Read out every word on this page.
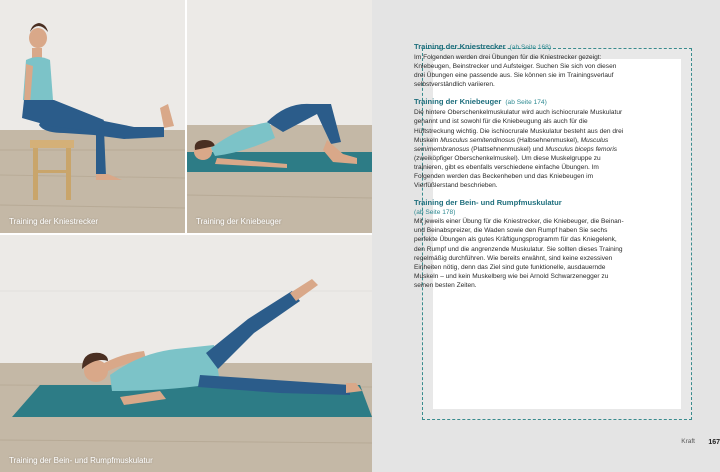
Training der Kniestrecker	Training der Kniebeuger
Training der Bein- und Rumpfmuskulatur
Training der Kniestrecker (ab Seite 168)

Im Folgenden werden drei Übungen für die Kniestrecker gezeigt: Kniebeugen, Beinstrecker und Aufsteiger. Suchen Sie sich von diesen drei Übungen eine passende aus. Sie können sie im Trainingsverlauf selbstverständlich variieren.

Training der Kniebeuger (ab Seite 174)

Die hintere Oberschenkelmuskulatur wird auch ischiocrurale Muskulatur genannt und ist sowohl für die Kniebeugung als auch für die Hüftstreckung wichtig. Die ischiocrurale Muskulatur besteht aus den drei Muskeln Musculus semitendinosus (Halbsehnenmuskel), Musculus semimembranosus (Plattsehnenmuskel) und Musculus biceps femoris (zweiköpfiger Oberschenkelmuskel). Um diese Muskelgruppe zu trainieren, gibt es ebenfalls verschiedene einfache Übungen. Im Folgenden werden das Beckenheben und das Kniebeugen im Vierfüßlerstand beschrieben.

Training der Bein- und Rumpfmuskulatur
(ab Seite 178)

Mit jeweils einer Übung für die Kniestrecker, die Kniebeuger, die Beinan- und Beinabspreizer, die Waden sowie den Rumpf haben Sie sechs perfekte Übungen als gutes Kräftigungsprogramm für das Kniegelenk, den Rumpf und die angrenzende Muskulatur. Sie sollten dieses Training regelmäßig durchführen. Wie bereits erwähnt, sind keine exzessiven Einheiten nötig, denn das Ziel sind gute funktionelle, ausdauernde Muskeln – und kein Muskelberg wie bei Arnold Schwarzenegger zu seinen besten Zeiten.

Kraft 167
